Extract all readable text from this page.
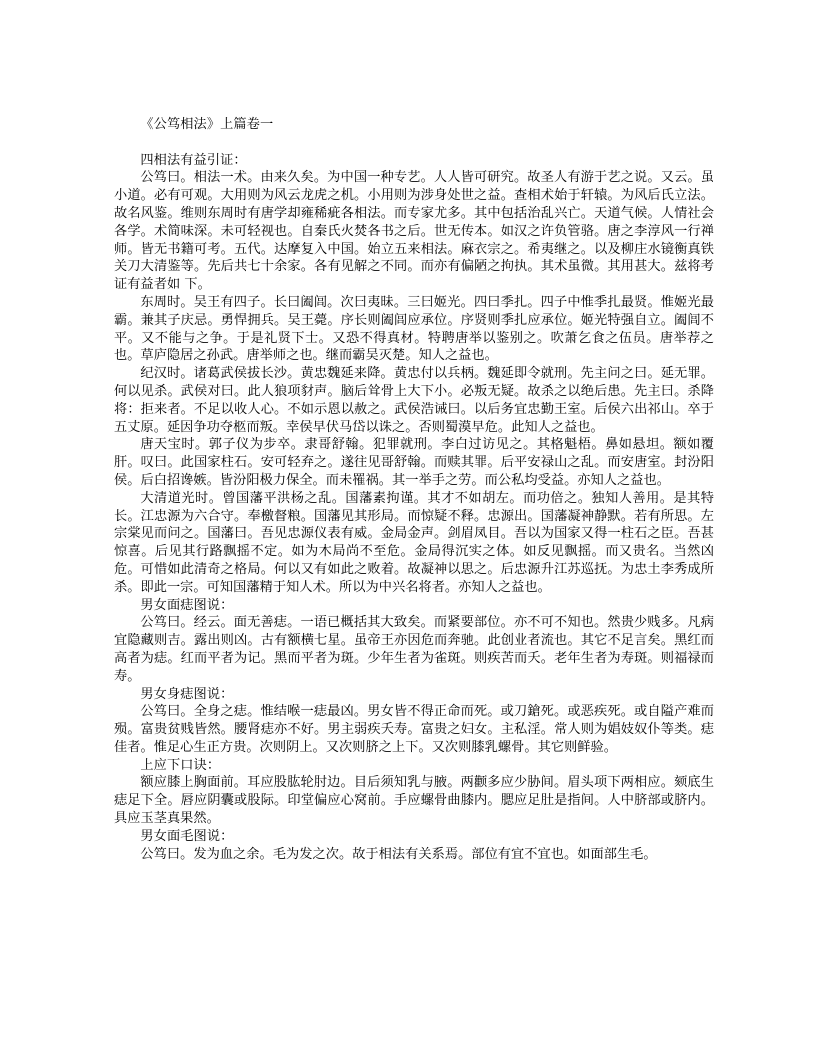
《公笃相法》上篇卷一

四相法有益引证：

公笃曰。相法一术。由来久矣。为中国一种专艺。人人皆可研究。故圣人有游于艺之说。又云。虽小道。必有可观。大用则为风云龙虎之机。小用则为涉身处世之益。查相术始于轩辕。为风后氏立法。故名风鉴。维则东周时有唐学却雍稀疵各相法。而专家尤多。其中包括治乱兴亡。天道气候。人情社会各学。术简味深。未可轻视也。自秦氏火焚各书之后。世无传本。如汉之许负管骆。唐之李淳风一行禅师。皆无书籍可考。五代。达摩复入中国。始立五来相法。麻衣宗之。希夷继之。以及柳庄水镜衡真铁关刀大清鉴等。先后共七十余家。各有见解之不同。而亦有偏陋之拘执。其术虽微。其用甚大。兹将考证有益者如 下。

东周时。吴王有四子。长曰阖闾。次曰夷昧。三曰姬光。四曰季扎。四子中惟季扎最贤。惟姬光最霸。兼其子庆忌。勇悍拥兵。吴王薨。序长则阖闾应承位。序贤则季扎应承位。姬光特强自立。阖闾不平。又不能与之争。于是礼贤下士。又恐不得真材。特聘唐举以鉴别之。吹萧乞食之伍员。唐举荐之也。草庐隐居之孙武。唐举师之也。继而霸吴灭楚。知人之益也。

纪汉时。诸葛武侯拔长沙。黄忠魏延来降。黄忠付以兵柄。魏延即令就刑。先主问之曰。延无罪。何以见杀。武侯对曰。此人狼项豺声。脑后耸骨上大下小。必叛无疑。故杀之以绝后患。先主曰。杀降将：拒来者。不足以收人心。不如示恩以赦之。武侯浩诫曰。以后务宜忠勤王室。后侯六出祁山。卒于五丈原。延因争功夺柩而叛。幸侯早伏马岱以诛之。否则蜀漠早危。此知人之益也。

唐天宝时。郭子仪为步卒。隶哥舒翰。犯罪就刑。李白过访见之。其格魁梧。鼻如悬坦。额如覆肝。叹曰。此国家柱石。安可轻弃之。遂往见哥舒翰。而赎其罪。后平安禄山之乱。而安唐室。封汾阳侯。后白招谗嫉。皆汾阳极力保全。而未罹祸。其一举手之劳。而公私均受益。亦知人之益也。

大清道光时。曾国藩平洪杨之乱。国藩素拘谨。其才不如胡左。而功倍之。独知人善用。是其特长。江忠源为六合守。奉檄督粮。国藩见其形局。而惊疑不释。忠源出。国藩凝神静默。若有所思。左宗棠见而问之。国藩曰。吾见忠源仪表有威。金局金声。剑眉凤目。吾以为国家又得一柱石之臣。吾甚惊喜。后见其行路飘摇不定。如为木局尚不至危。金局得沉实之体。如反见飘摇。而又贵名。当然凶危。可惜如此清奇之格局。何以又有如此之败着。故凝神以思之。后忠源升江苏巡抚。为忠土李秀成所杀。即此一宗。可知国藩精于知人术。所以为中兴名将者。亦知人之益也。

男女面痣图说：

公笃曰。经云。面无善痣。一语已概括其大致矣。而紧要部位。亦不可不知也。然贵少贱多。凡病宜隐藏则吉。露出则凶。古有额横七星。虽帝王亦因危而奔驰。此创业者流也。其它不足言矣。黑红而高者为痣。红而平者为记。黑而平者为斑。少年生者为雀斑。则疾苦而夭。老年生者为寿斑。则福禄而寿。

男女身痣图说：

公笃曰。全身之痣。惟结喉一痣最凶。男女皆不得正命而死。或刀鎗死。或恶疾死。或自隘产难而殒。富贵贫贱皆然。腰肾痣亦不好。男主弱疾夭寿。富贵之妇女。主私淫。常人则为娼妓奴仆等类。痣佳者。惟足心生正方贵。次则阴上。又次则脐之上下。又次则膝乳螺骨。其它则鲜验。

上应下口诀：

额应膝上胸面前。耳应股肱轮肘边。目后须知乳与腋。两颧多应少胁间。眉头项下两相应。颏底生痣足下全。唇应阴囊或股际。印堂偏应心窝前。手应螺骨曲膝内。腮应足肚是指间。人中脐部或脐内。具应玉茎真果然。

男女面毛图说：

公笃曰。发为血之余。毛为发之次。故于相法有关系焉。部位有宜不宜也。如面部生毛。
